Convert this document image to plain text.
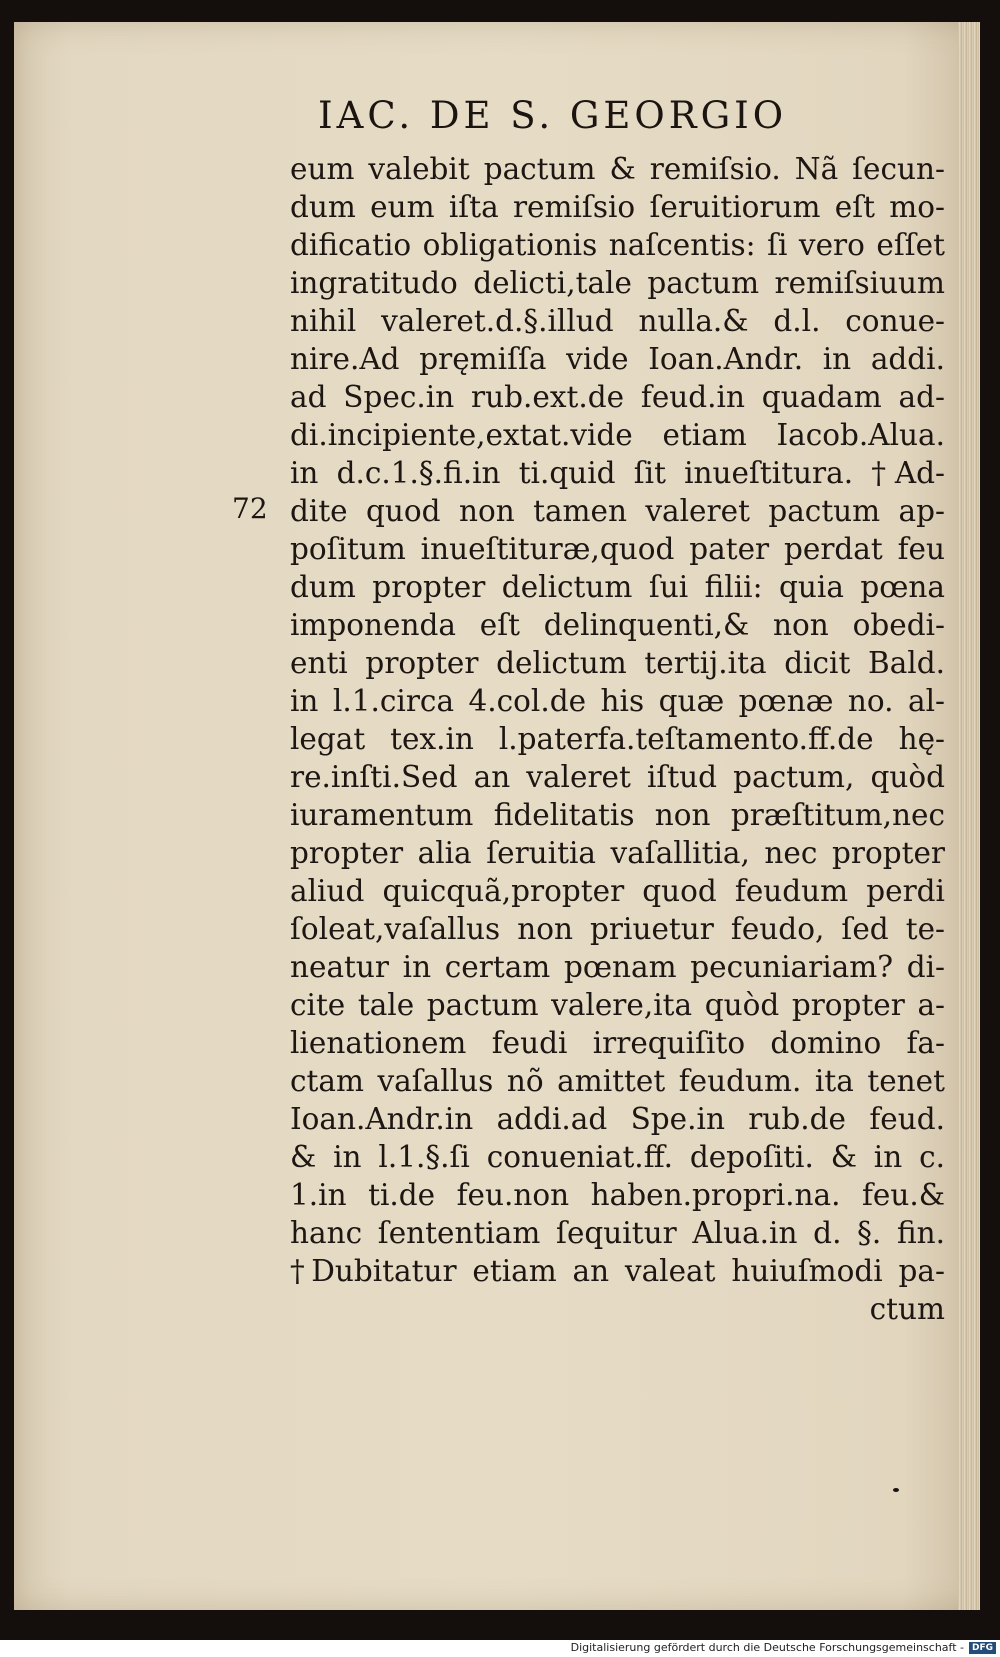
IAC. DE S. GEORGIO
72
eum valebit pactum & remiſsio. Nã ſecun-
dum eum iſta remiſsio ſeruitiorum eſt mo-
dificatio obligationis naſcentis: ſi vero eſſet
ingratitudo delicti,tale pactum remiſsiuum
nihil valeret.d.§.illud nulla.& d.l. conue-
nire.Ad pręmiſſa vide Ioan.Andr. in addi.
ad Spec.in rub.ext.de feud.in quadam ad-
di.incipiente,extat.vide etiam Iacob.Alua.
in d.c.1.§.fi.in ti.quid ſit inueſtitura. †Ad-
dite quod non tamen valeret pactum ap-
poſitum inueſtituræ,quod pater perdat feu
dum propter delictum ſui filii: quia pœna
imponenda eſt delinquenti,& non obedi-
enti propter delictum tertij.ita dicit Bald.
in l.1.circa 4.col.de his quæ pœnæ no. al-
legat tex.in l.paterfa.teſtamento.ff.de hę-
re.inſti.Sed an valeret iſtud pactum, quòd
iuramentum fidelitatis non præſtitum,nec
propter alia ſeruitia vaſallitia, nec propter
aliud quicquã,propter quod feudum perdi
ſoleat,vaſallus non priuetur feudo, ſed te-
neatur in certam pœnam pecuniariam? di-
cite tale pactum valere,ita quòd propter a-
lienationem feudi irrequiſito domino fa-
ctam vaſallus nõ amittet feudum. ita tenet
Ioan.Andr.in addi.ad Spe.in rub.de feud.
& in l.1.§.ſi conueniat.ff. depoſiti. & in c.
1.in ti.de feu.non haben.propri.na. feu.&
hanc ſententiam ſequitur Alua.in d. §. fin.
†Dubitatur etiam an valeat huiuſmodi pa-
ctum
Digitalisierung gefördert durch die Deutsche Forschungsgemeinschaft - DFG
